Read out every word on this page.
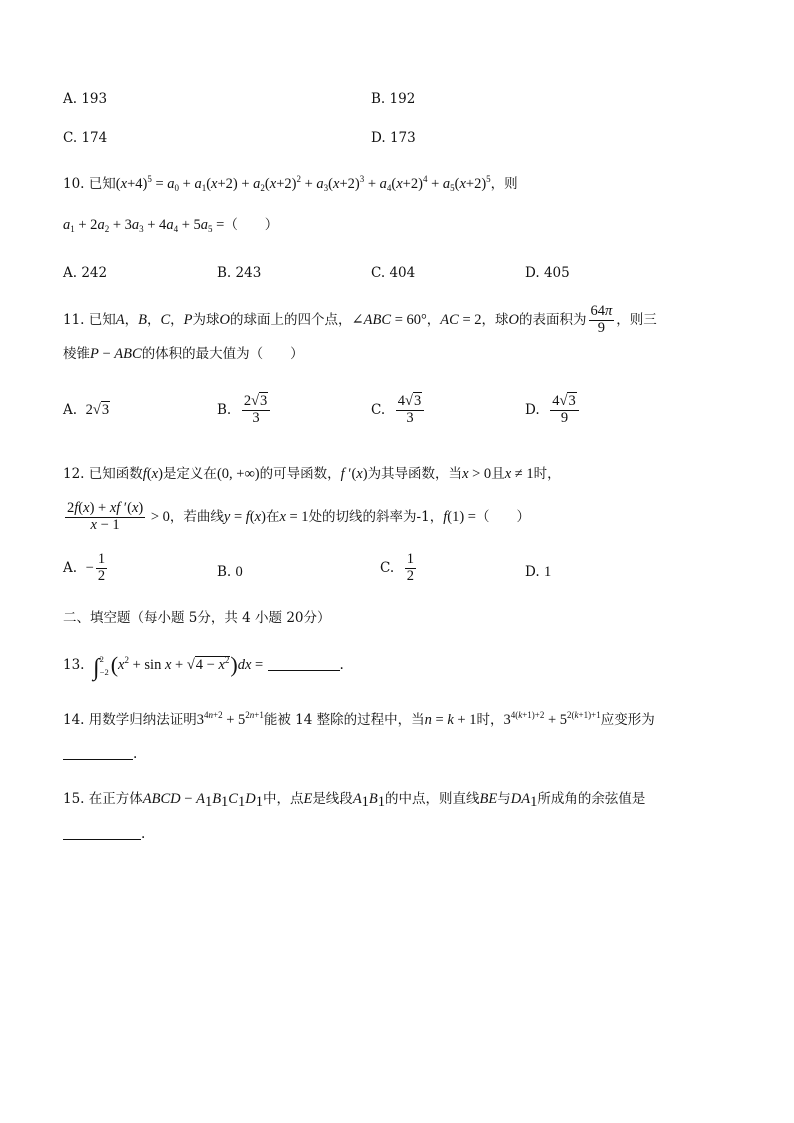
A. 193	B. 192
C. 174	D. 173
10. 已知$(x+4)^5 = a_0 + a_1(x+2) + a_2(x+2)^2 + a_3(x+2)^3 + a_4(x+2)^4 + a_5(x+2)^5$，则
$a_1 + 2a_2 + 3a_3 + 4a_4 + 5a_5$ =（　　）
A. 242	B. 243	C. 404	D. 405
11. 已知A，B，C，P为球O的球面上的四个点，∠ABC = 60°，AC = 2，球O的表面积为 $\frac{64\pi}{9}$ ，则三
棱锥P − ABC的体积的最大值为（　　）
A. 2√3	B. $\frac{2√3}{3}$	C. $\frac{4√3}{3}$	D. $\frac{4√3}{9}$
12. 已知函数f(x)是定义在(0, +∞)的可导函数，f ′(x)为其导函数，当x > 0且x ≠ 1时，
$\frac{2f(x) + xf '(x)}{x - 1} > 0$，若曲线y = f(x)在x = 1处的切线的斜率为-1，f(1) =（　　）
A. − $\frac{1}{2}$	B. 0	C. $\frac{1}{2}$	D. 1
二、填空题（每小题 5分，共 4 小题 20分）
13. ∫ 2
−2 $(x^2 + \sin x + √4 - x^2)dx$ =	.
14. 用数学归纳法证明$3^{4n+2} + 5^{2n+1}$能被 14 整除的过程中，当n = k + 1时，$3^{4(k+1)+2} + 5^{2(k+1)+1}$应变形为
.
15. 在正方体ABCD − $A_1B_1C_1D_1$中，点E是线段$A_1B_1$的中点，则直线BE与$DA_1$所成角的余弦值是
.
